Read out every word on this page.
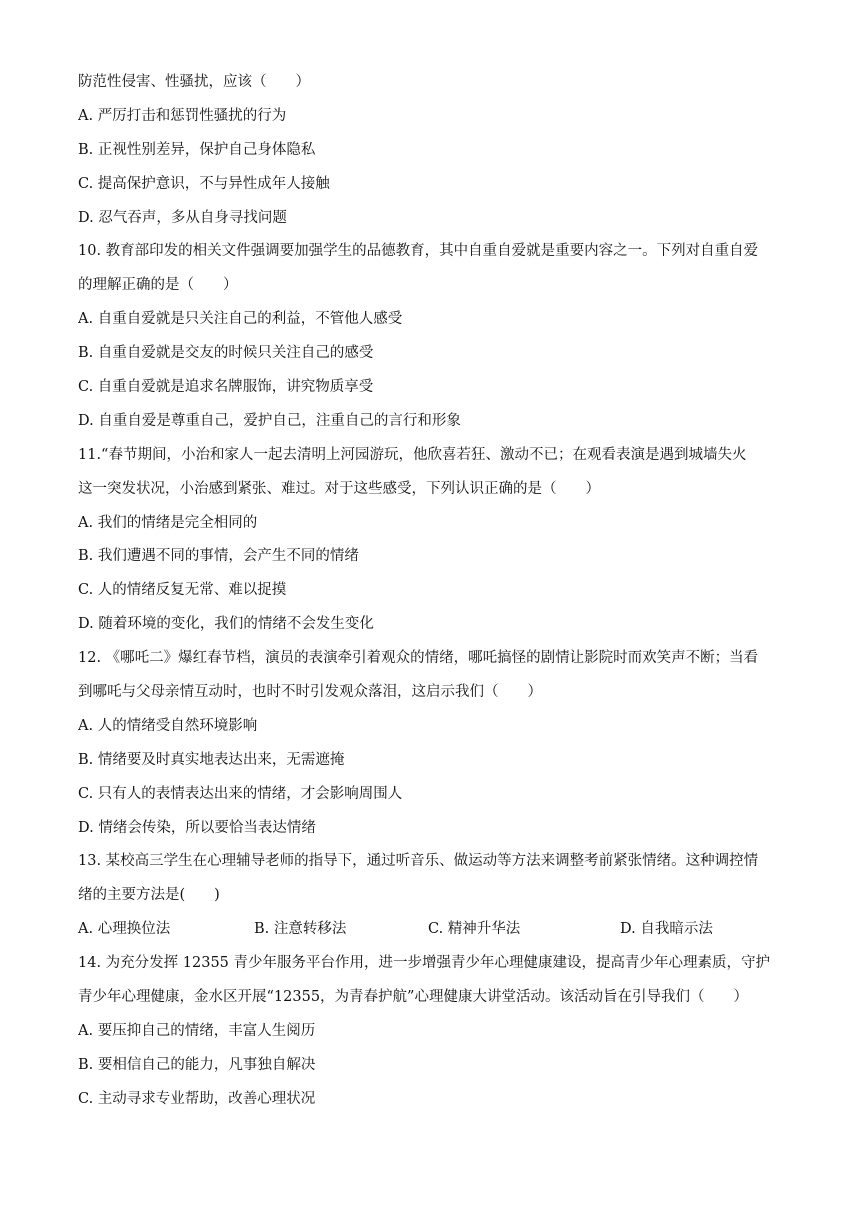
防范性侵害、性骚扰，应该（　　）
A. 严厉打击和惩罚性骚扰的行为
B. 正视性别差异，保护自己身体隐私
C. 提高保护意识，不与异性成年人接触
D. 忍气吞声，多从自身寻找问题
10. 教育部印发的相关文件强调要加强学生的品德教育，其中自重自爱就是重要内容之一。下列对自重自爱
的理解正确的是（　　）
A. 自重自爱就是只关注自己的利益，不管他人感受
B. 自重自爱就是交友的时候只关注自己的感受
C. 自重自爱就是追求名牌服饰，讲究物质享受
D. 自重自爱是尊重自己，爱护自己，注重自己的言行和形象
11.“春节期间，小治和家人一起去清明上河园游玩，他欣喜若狂、激动不已；在观看表演是遇到城墙失火
这一突发状况，小治感到紧张、难过。对于这些感受，下列认识正确的是（　　）
A. 我们的情绪是完全相同的
B. 我们遭遇不同的事情，会产生不同的情绪
C. 人的情绪反复无常、难以捉摸
D. 随着环境的变化，我们的情绪不会发生变化
12. 《哪吒二》爆红春节档，演员的表演牵引着观众的情绪，哪吒搞怪的剧情让影院时而欢笑声不断；当看
到哪吒与父母亲情互动时，也时不时引发观众落泪，这启示我们（　　）
A. 人的情绪受自然环境影响
B. 情绪要及时真实地表达出来，无需遮掩
C. 只有人的表情表达出来的情绪，才会影响周围人
D. 情绪会传染，所以要恰当表达情绪
13. 某校高三学生在心理辅导老师的指导下，通过听音乐、做运动等方法来调整考前紧张情绪。这种调控情
绪的主要方法是(　　)
A. 心理换位法	B. 注意转移法	C. 精神升华法	D. 自我暗示法
14. 为充分发挥 12355 青少年服务平台作用，进一步增强青少年心理健康建设，提高青少年心理素质，守护
青少年心理健康，金水区开展“12355，为青春护航”心理健康大讲堂活动。该活动旨在引导我们（　　）
A. 要压抑自己的情绪，丰富人生阅历
B. 要相信自己的能力，凡事独自解决
C. 主动寻求专业帮助，改善心理状况
